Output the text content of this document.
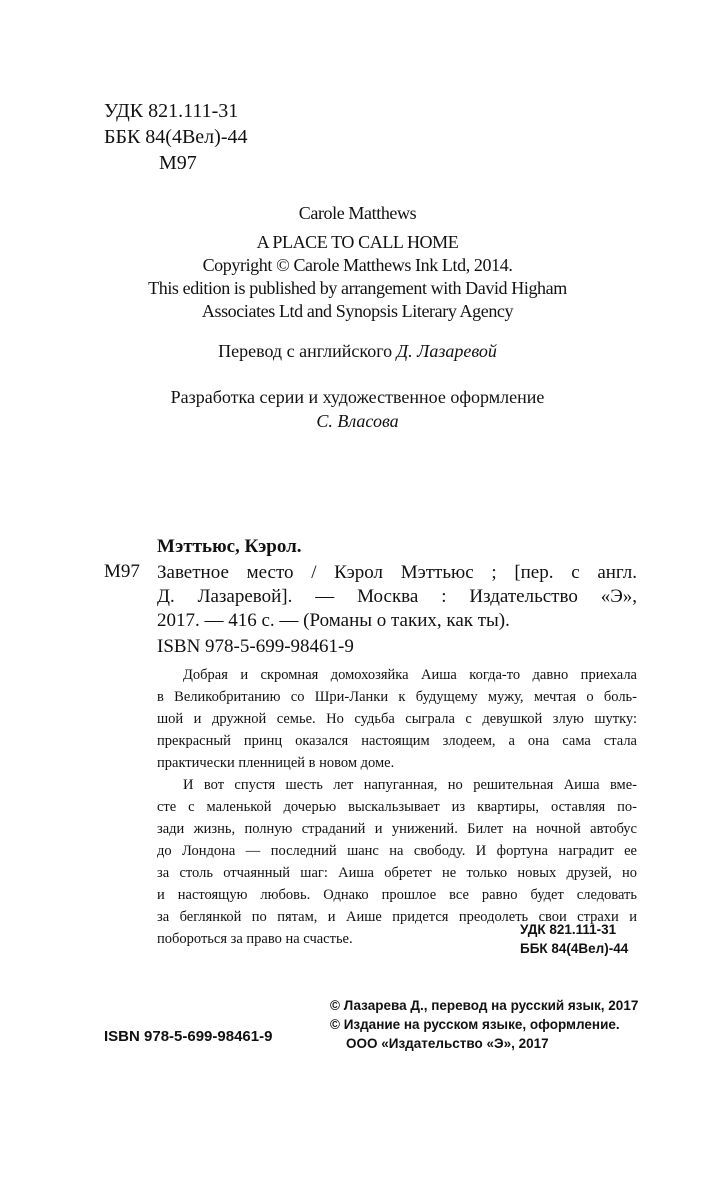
УДК 821.111-31
ББК 84(4Вел)-44
М97
Carole Matthews
A PLACE TO CALL HOME
Copyright © Carole Matthews Ink Ltd, 2014.
This edition is published by arrangement with David Higham
Associates Ltd and Synopsis Literary Agency
Перевод с английского Д. Лазаревой
Разработка серии и художественное оформление
С. Власова
Мэттьюс, Кэрол.
М97 Заветное место / Кэрол Мэттьюс ; [пер. с англ.
Д. Лазаревой]. — Москва : Издательство «Э»,
2017. — 416 с. — (Романы о таких, как ты).
ISBN 978-5-699-98461-9
Добрая и скромная домохозяйка Аиша когда-то давно приехала
в Великобританию со Шри-Ланки к будущему мужу, мечтая о боль-
шой и дружной семье. Но судьба сыграла с девушкой злую шутку:
прекрасный принц оказался настоящим злодеем, а она сама стала
практически пленницей в новом доме.
И вот спустя шесть лет напуганная, но решительная Аиша вме-
сте с маленькой дочерью выскальзывает из квартиры, оставляя по-
зади жизнь, полную страданий и унижений. Билет на ночной автобус
до Лондона — последний шанс на свободу. И фортуна наградит ее
за столь отчаянный шаг: Аиша обретет не только новых друзей, но
и настоящую любовь. Однако прошлое все равно будет следовать
за беглянкой по пятам, и Аише придется преодолеть свои страхи и
побороться за право на счастье.
УДК 821.111-31
ББК 84(4Вел)-44
© Лазарева Д., перевод на русский язык, 2017
© Издание на русском языке, оформление.
ООО «Издательство «Э», 2017
ISBN 978-5-699-98461-9
